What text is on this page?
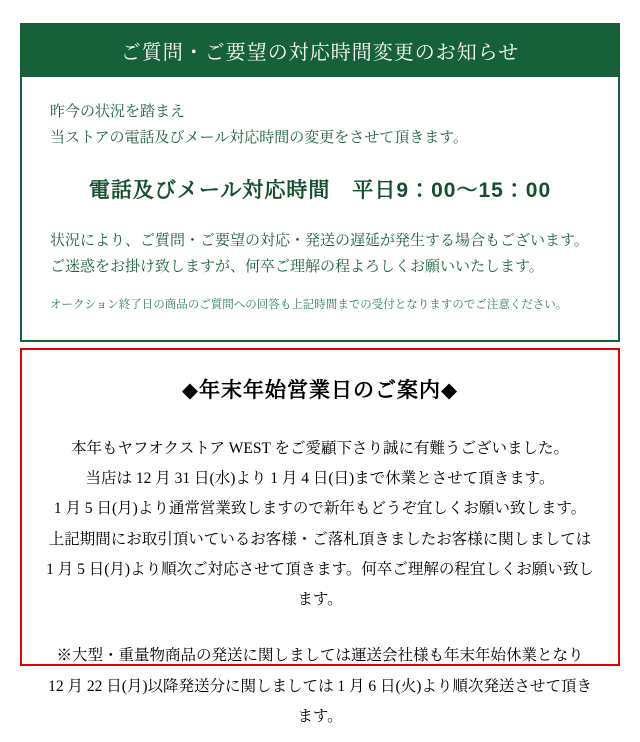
ご質問・ご要望の対応時間変更のお知らせ
昨今の状況を踏まえ
当ストアの電話及びメール対応時間の変更をさせて頂きます。
電話及びメール対応時間　平日9：00〜15：00
状況により、ご質問・ご要望の対応・発送の遅延が発生する場合もございます。
ご迷惑をお掛け致しますが、何卒ご理解の程よろしくお願いいたします。
オークション終了日の商品のご質問への回答も上記時間までの受付となりますのでご注意ください。
◆年末年始営業日のご案内◆
本年もヤフオクストア WEST をご愛顧下さり誠に有難うございました。
当店は 12 月 31 日(水)より 1 月 4 日(日)まで休業とさせて頂きます。
1 月 5 日(月)より通常営業致しますので新年もどうぞ宜しくお願い致します。
上記期間にお取引頂いているお客様・ご落札頂きましたお客様に関しましては
1 月 5 日(月)より順次ご対応させて頂きます。何卒ご理解の程宜しくお願い致します。
※大型・重量物商品の発送に関しましては運送会社様も年末年始休業となり
12 月 22 日(月)以降発送分に関しましては 1 月 6 日(火)より順次発送させて頂きます。
